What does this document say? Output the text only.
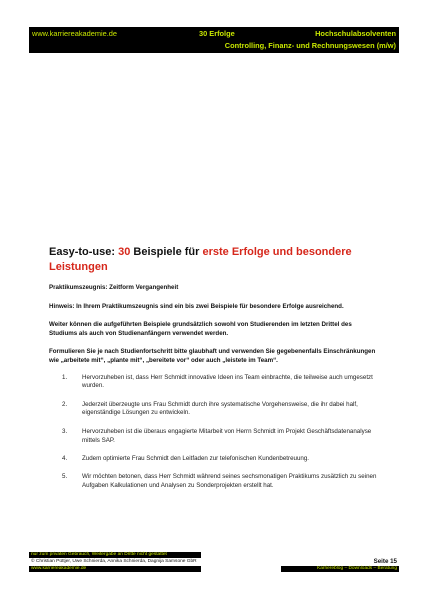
www.karriereakademie.de	30 Erfolge	Hochschulabsolventen
Controlling, Finanz- und Rechnungswesen (m/w)
Easy-to-use: 30 Beispiele für erste Erfolge und besondere Leistungen

Praktikumszeugnis: Zeitform Vergangenheit

Hinweis: In Ihrem Praktikumszeugnis sind ein bis zwei Beispiele für besondere Erfolge ausreichend.

Weiter können die aufgeführten Beispiele grundsätzlich sowohl von Studierenden im letzten Drittel des Studiums als auch von Studienanfängern verwendet werden.

Formulieren Sie je nach Studienfortschritt bitte glaubhaft und verwenden Sie gegebenenfalls Einschränkungen wie „arbeitete mit“, „plante mit“, „bereitete vor“ oder auch „leistete im Team“.

1. Hervorzuheben ist, dass Herr Schmidt innovative Ideen ins Team einbrachte, die teilweise auch umgesetzt wurden.
2. Jederzeit überzeugte uns Frau Schmidt durch ihre systematische Vorgehensweise, die ihr dabei half, eigenständige Lösungen zu entwickeln.
3. Hervorzuheben ist die überaus engagierte Mitarbeit von Herrn Schmidt im Projekt Geschäftsdatenanalyse mittels SAP.
4. Zudem optimierte Frau Schmidt den Leitfaden zur telefonischen Kundenbetreuung.
5. Wir möchten betonen, dass Herr Schmidt während seines sechsmonatigen Praktikums zusätzlich zu seinen Aufgaben Kalkulationen und Analysen zu Sonderprojekten erstellt hat.
nur zum privaten Gebrauch, Weitergabe an Dritte nicht gestattet
© Christian Püttjer, Uwe Schnierda, Annika Schnierda, Dagnija Samsone GbR
www.karriereakademie.de
Seite 15
Karriereblog – Downloads – Beratung
